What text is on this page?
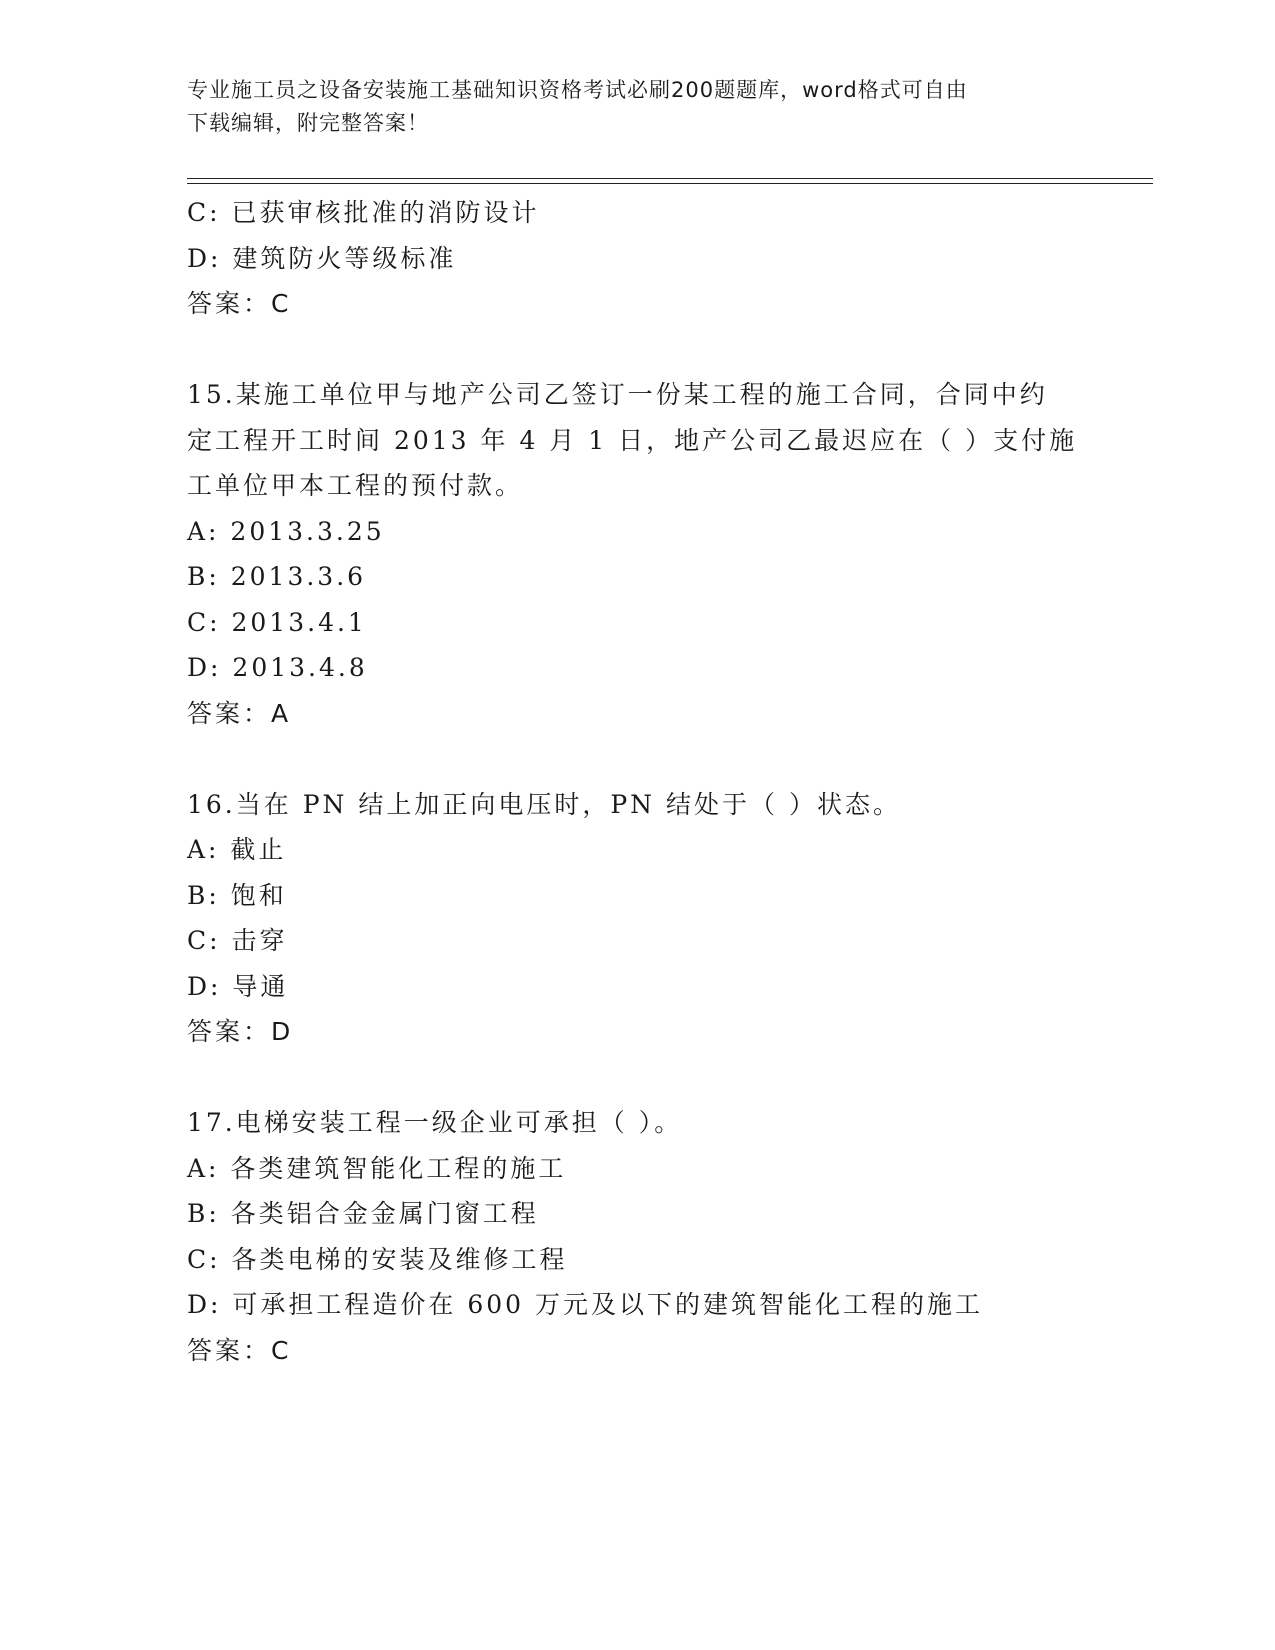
专业施工员之设备安装施工基础知识资格考试必刷200题题库，word格式可自由
下载编辑，附完整答案！
C: 已获审核批准的消防设计
D: 建筑防火等级标准
答案：C
15.某施工单位甲与地产公司乙签订一份某工程的施工合同，合同中约
定工程开工时间 2013 年 4 月 1 日，地产公司乙最迟应在（ ）支付施
工单位甲本工程的预付款。
A: 2013.3.25
B: 2013.3.6
C: 2013.4.1
D: 2013.4.8
答案：A
16.当在 PN 结上加正向电压时，PN 结处于（ ）状态。
A: 截止
B: 饱和
C: 击穿
D: 导通
答案：D
17.电梯安装工程一级企业可承担（ ）。
A: 各类建筑智能化工程的施工
B: 各类铝合金金属门窗工程
C: 各类电梯的安装及维修工程
D: 可承担工程造价在 600 万元及以下的建筑智能化工程的施工
答案：C
